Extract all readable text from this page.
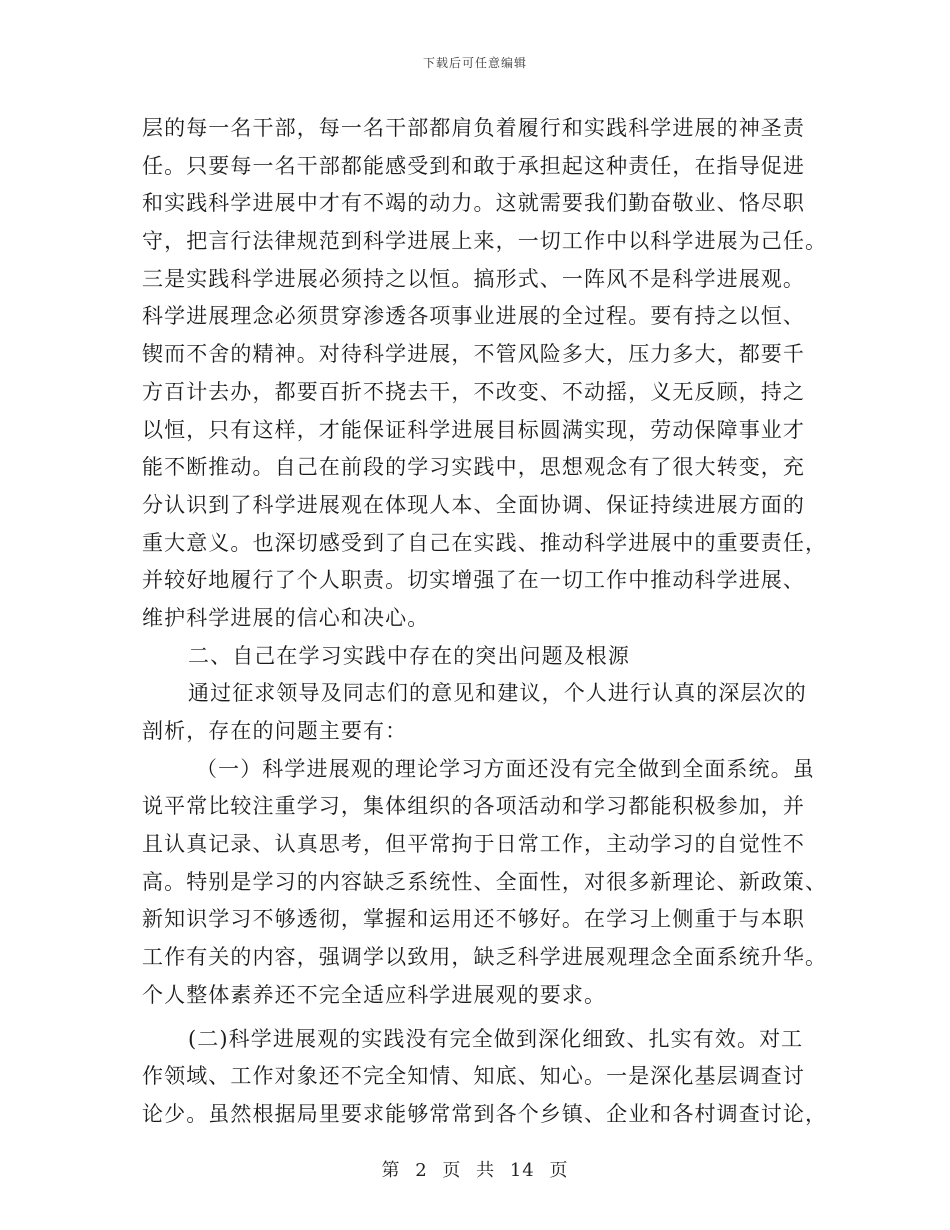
下载后可任意编辑
层的每一名干部，每一名干部都肩负着履行和实践科学进展的神圣责
任。只要每一名干部都能感受到和敢于承担起这种责任，在指导促进
和实践科学进展中才有不竭的动力。这就需要我们勤奋敬业、恪尽职
守，把言行法律规范到科学进展上来，一切工作中以科学进展为己任。
三是实践科学进展必须持之以恒。搞形式、一阵风不是科学进展观。
科学进展理念必须贯穿渗透各项事业进展的全过程。要有持之以恒、
锲而不舍的精神。对待科学进展，不管风险多大，压力多大，都要千
方百计去办，都要百折不挠去干，不改变、不动摇，义无反顾，持之
以恒，只有这样，才能保证科学进展目标圆满实现，劳动保障事业才
能不断推动。自己在前段的学习实践中，思想观念有了很大转变，充
分认识到了科学进展观在体现人本、全面协调、保证持续进展方面的
重大意义。也深切感受到了自己在实践、推动科学进展中的重要责任，
并较好地履行了个人职责。切实增强了在一切工作中推动科学进展、
维护科学进展的信心和决心。
二、自己在学习实践中存在的突出问题及根源
通过征求领导及同志们的意见和建议，个人进行认真的深层次的
剖析，存在的问题主要有：
（一）科学进展观的理论学习方面还没有完全做到全面系统。虽
说平常比较注重学习，集体组织的各项活动和学习都能积极参加，并
且认真记录、认真思考，但平常拘于日常工作，主动学习的自觉性不
高。特别是学习的内容缺乏系统性、全面性，对很多新理论、新政策、
新知识学习不够透彻，掌握和运用还不够好。在学习上侧重于与本职
工作有关的内容，强调学以致用，缺乏科学进展观理念全面系统升华。
个人整体素养还不完全适应科学进展观的要求。
(二)科学进展观的实践没有完全做到深化细致、扎实有效。对工
作领域、工作对象还不完全知情、知底、知心。一是深化基层调查讨
论少。虽然根据局里要求能够常常到各个乡镇、企业和各村调查讨论，
第 2 页 共 14 页
